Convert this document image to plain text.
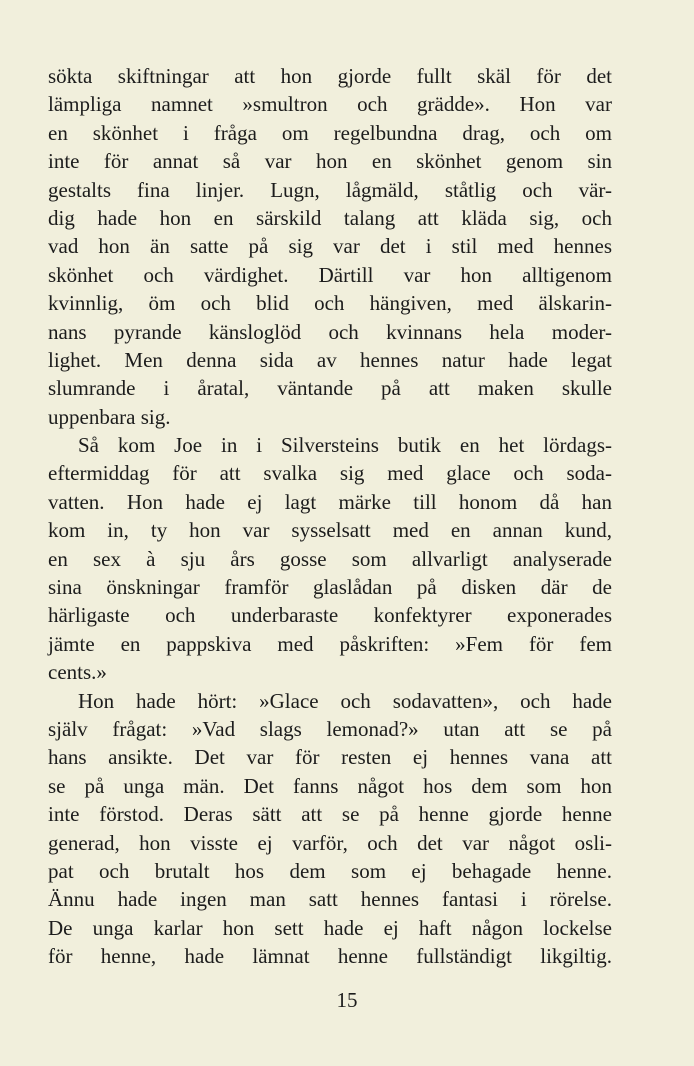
sökta skiftningar att hon gjorde fullt skäl för det
lämpliga namnet »smultron och grädde». Hon var
en skönhet i fråga om regelbundna drag, och om
inte för annat så var hon en skönhet genom sin
gestalts fina linjer. Lugn, lågmäld, ståtlig och vär-
dig hade hon en särskild talang att kläda sig, och
vad hon än satte på sig var det i stil med hennes
skönhet och värdighet. Därtill var hon alltigenom
kvinnlig, öm och blid och hängiven, med älskarin-
nans pyrande känsloglöd och kvinnans hela moder-
lighet. Men denna sida av hennes natur hade legat
slumrande i åratal, väntande på att maken skulle
uppenbara sig.
Så kom Joe in i Silversteins butik en het lördags-
eftermiddag för att svalka sig med glace och soda-
vatten. Hon hade ej lagt märke till honom då han
kom in, ty hon var sysselsatt med en annan kund,
en sex à sju års gosse som allvarligt analyserade
sina önskningar framför glaslådan på disken där de
härligaste och underbaraste konfektyrer exponerades
jämte en pappskiva med påskriften: »Fem för fem
cents.»
Hon hade hört: »Glace och sodavatten», och hade
själv frågat: »Vad slags lemonad?» utan att se på
hans ansikte. Det var för resten ej hennes vana att
se på unga män. Det fanns något hos dem som hon
inte förstod. Deras sätt att se på henne gjorde henne
generad, hon visste ej varför, och det var något osli-
pat och brutalt hos dem som ej behagade henne.
Ännu hade ingen man satt hennes fantasi i rörelse.
De unga karlar hon sett hade ej haft någon lockelse
för henne, hade lämnat henne fullständigt likgiltig.
15
